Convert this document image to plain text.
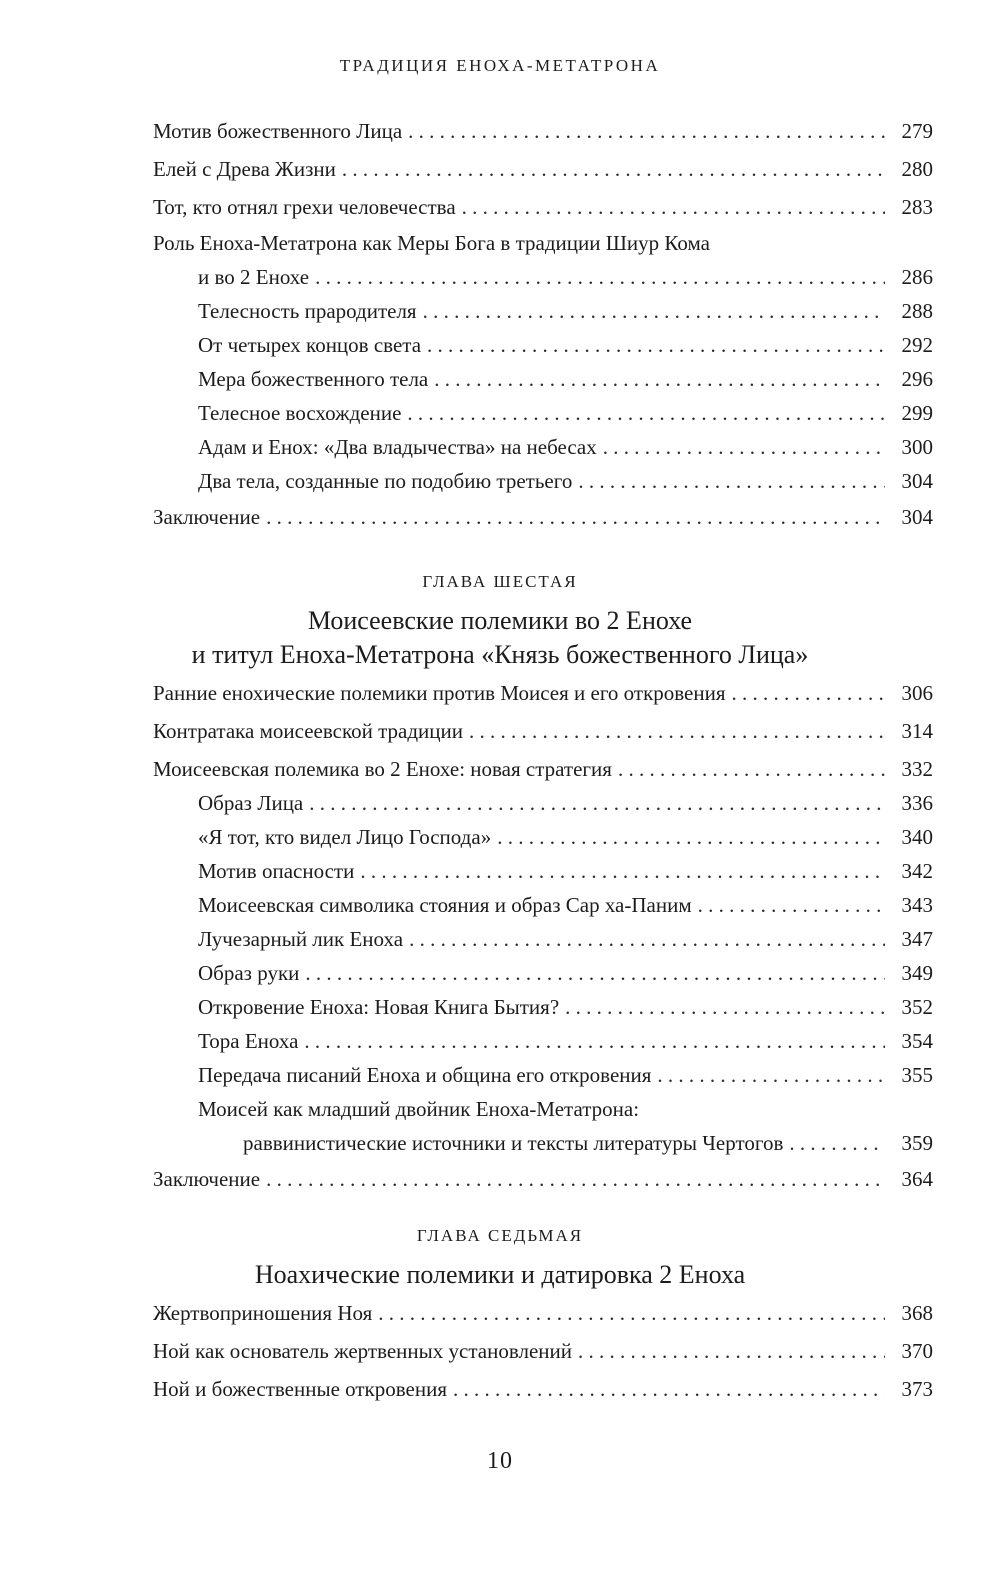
ТРАДИЦИЯ ЕНОХА-МЕТАТРОНА
Мотив божественного Лица . . .	279
Елей с Древа Жизни . . .	280
Тот, кто отнял грехи человечества . . .	283
Роль Еноха-Метатрона как Меры Бога в традиции Шиур Кома
и во 2 Енохе . . .	286
Телесность прародителя . . .	288
От четырех концов света . . .	292
Мера божественного тела . . .	296
Телесное восхождение . . .	299
Адам и Енох: «Два владычества» на небесах . . .	300
Два тела, созданные по подобию третьего . . .	304
Заключение . . .	304
ГЛАВА ШЕСТАЯ
Моисеевские полемики во 2 Енохе
и титул Еноха-Метатрона «Князь божественного Лица»
Ранние енохические полемики против Моисея и его откровения . . .	306
Контратака моисеевской традиции . . .	314
Моисеевская полемика во 2 Енохе: новая стратегия . . .	332
Образ Лица . . .	336
«Я тот, кто видел Лицо Господа» . . .	340
Мотив опасности . . .	342
Моисеевская символика стояния и образ Сар ха-Паним . . .	343
Лучезарный лик Еноха . . .	347
Образ руки . . .	349
Откровение Еноха: Новая Книга Бытия? . . .	352
Тора Еноха . . .	354
Передача писаний Еноха и община его откровения . . .	355
Моисей как младший двойник Еноха-Метатрона:
раввинистические источники и тексты литературы Чертогов . . .	359
Заключение . . .	364
ГЛАВА СЕДЬМАЯ
Ноахические полемики и датировка 2 Еноха
Жертвоприношения Ноя . . .	368
Ной как основатель жертвенных установлений . . .	370
Ной и божественные откровения . . .	373
10
